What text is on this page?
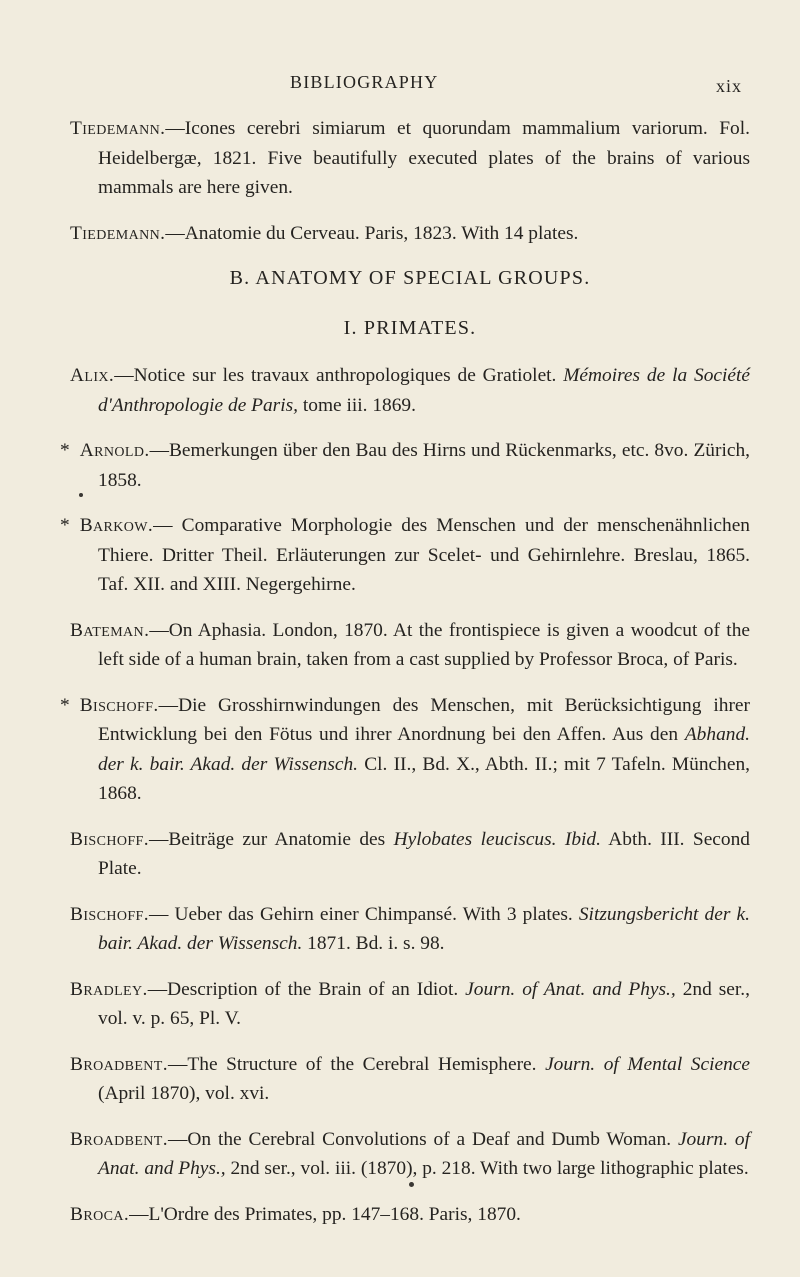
BIBLIOGRAPHY	xix

Tiedemann.—Icones cerebri simiarum et quorundam mammalium variorum. Fol. Heidelbergæ, 1821. Five beautifully executed plates of the brains of various mammals are here given.

Tiedemann.—Anatomie du Cerveau. Paris, 1823. With 14 plates.

B. ANATOMY OF SPECIAL GROUPS.
I. PRIMATES.

Alix.—Notice sur les travaux anthropologiques de Gratiolet. Mémoires de la Société d'Anthropologie de Paris, tome iii. 1869.

* Arnold.—Bemerkungen über den Bau des Hirns und Rückenmarks, etc. 8vo. Zürich, 1858.

* Barkow.— Comparative Morphologie des Menschen und der menschenähnlichen Thiere. Dritter Theil. Erläuterungen zur Scelet- und Gehirnlehre. Breslau, 1865. Taf. XII. and XIII. Negergehirne.

Bateman.—On Aphasia. London, 1870. At the frontispiece is given a woodcut of the left side of a human brain, taken from a cast supplied by Professor Broca, of Paris.

* Bischoff.—Die Grosshirnwindungen des Menschen, mit Berücksichtigung ihrer Entwicklung bei den Fötus und ihrer Anordnung bei den Affen. Aus den Abhand. der k. bair. Akad. der Wissensch. Cl. II., Bd. X., Abth. II.; mit 7 Tafeln. München, 1868.

Bischoff.—Beiträge zur Anatomie des Hylobates leuciscus. Ibid. Abth. III. Second Plate.

Bischoff.— Ueber das Gehirn einer Chimpansé. With 3 plates. Sitzungsbericht der k. bair. Akad. der Wissensch. 1871. Bd. i. s. 98.

Bradley.—Description of the Brain of an Idiot. Journ. of Anat. and Phys., 2nd ser., vol. v. p. 65, Pl. V.

Broadbent.—The Structure of the Cerebral Hemisphere. Journ. of Mental Science (April 1870), vol. xvi.

Broadbent.—On the Cerebral Convolutions of a Deaf and Dumb Woman. Journ. of Anat. and Phys., 2nd ser., vol. iii. (1870), p. 218. With two large lithographic plates.

Broca.—L'Ordre des Primates, pp. 147–168. Paris, 1870.
